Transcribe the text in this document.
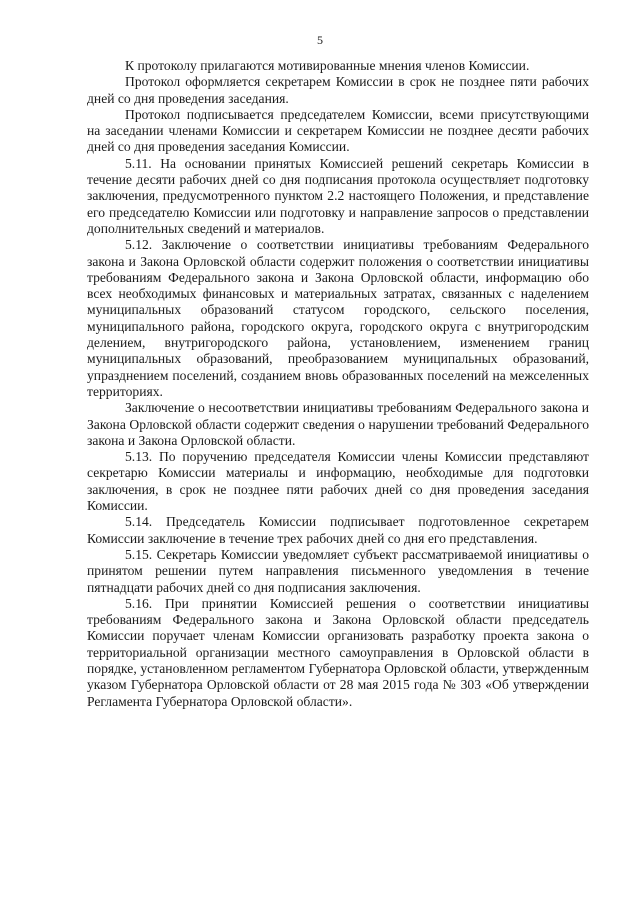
5

К протоколу прилагаются мотивированные мнения членов Комиссии.

Протокол оформляется секретарем Комиссии в срок не позднее пяти рабочих дней со дня проведения заседания.

Протокол подписывается председателем Комиссии, всеми присутствующими на заседании членами Комиссии и секретарем Комиссии не позднее десяти рабочих дней со дня проведения заседания Комиссии.

5.11. На основании принятых Комиссией решений секретарь Комиссии в течение десяти рабочих дней со дня подписания протокола осуществляет подготовку заключения, предусмотренного пунктом 2.2 настоящего Положения, и представление его председателю Комиссии или подготовку и направление запросов о представлении дополнительных сведений и материалов.

5.12. Заключение о соответствии инициативы требованиям Федерального закона и Закона Орловской области содержит положения о соответствии инициативы требованиям Федерального закона и Закона Орловской области, информацию обо всех необходимых финансовых и материальных затратах, связанных с наделением муниципальных образований статусом городского, сельского поселения, муниципального района, городского округа, городского округа с внутригородским делением, внутригородского района, установлением, изменением границ муниципальных образований, преобразованием муниципальных образований, упразднением поселений, созданием вновь образованных поселений на межселенных территориях.

Заключение о несоответствии инициативы требованиям Федерального закона и Закона Орловской области содержит сведения о нарушении требований Федерального закона и Закона Орловской области.

5.13. По поручению председателя Комиссии члены Комиссии представляют секретарю Комиссии материалы и информацию, необходимые для подготовки заключения, в срок не позднее пяти рабочих дней со дня проведения заседания Комиссии.

5.14. Председатель Комиссии подписывает подготовленное секретарем Комиссии заключение в течение трех рабочих дней со дня его представления.

5.15. Секретарь Комиссии уведомляет субъект рассматриваемой инициативы о принятом решении путем направления письменного уведомления в течение пятнадцати рабочих дней со дня подписания заключения.

5.16. При принятии Комиссией решения о соответствии инициативы требованиям Федерального закона и Закона Орловской области председатель Комиссии поручает членам Комиссии организовать разработку проекта закона о территориальной организации местного самоуправления в Орловской области в порядке, установленном регламентом Губернатора Орловской области, утвержденным указом Губернатора Орловской области от 28 мая 2015 года № 303 «Об утверждении Регламента Губернатора Орловской области».
